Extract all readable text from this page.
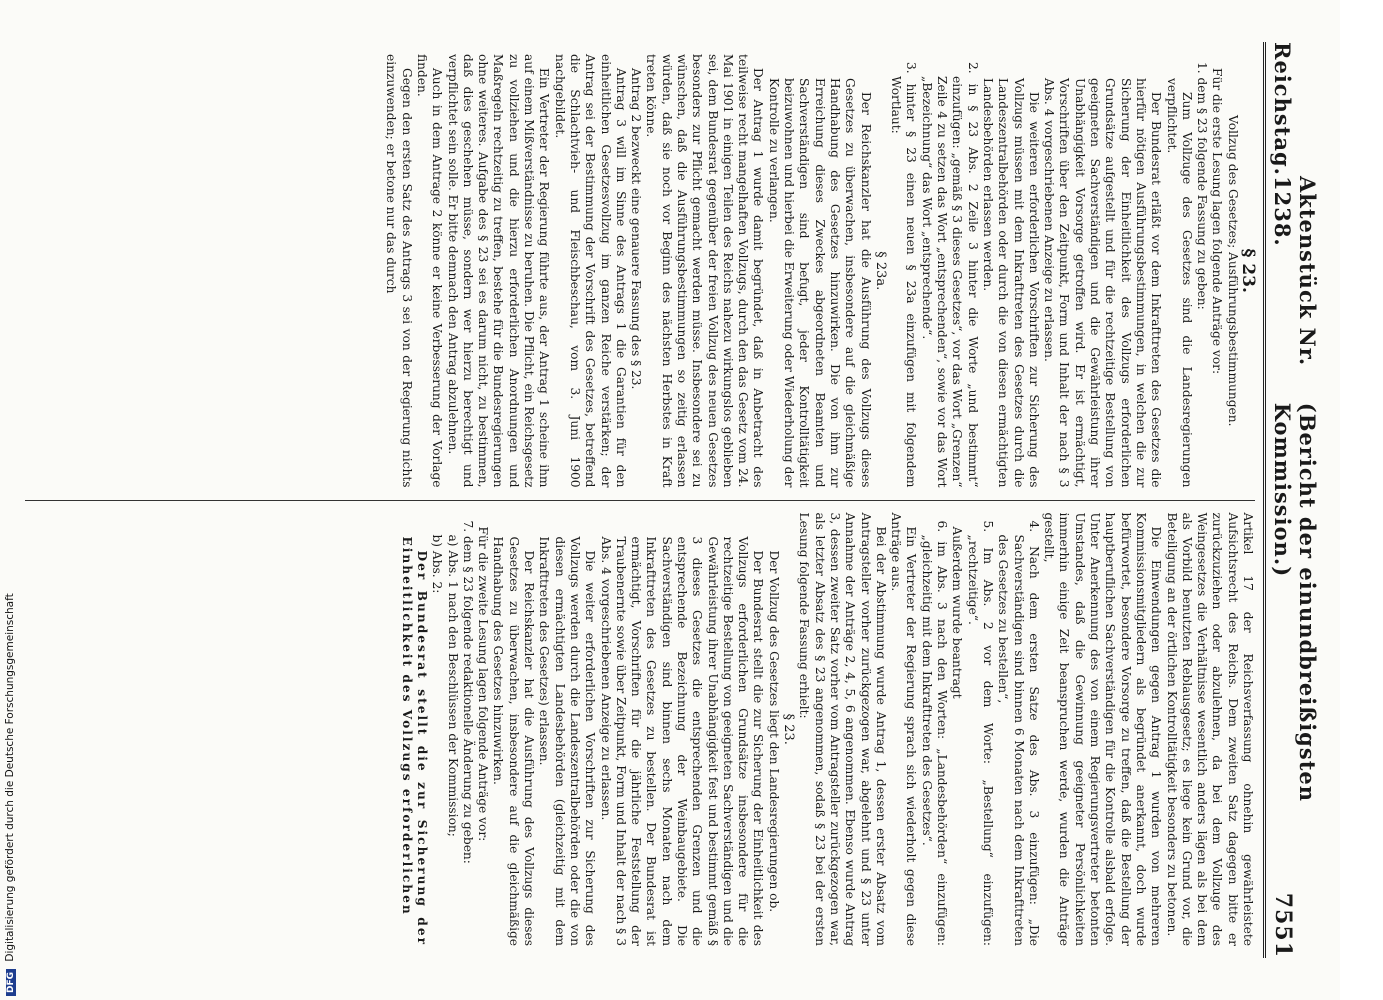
Reichstag.
Aktenstück Nr. 1238.
(Bericht der einundbreißigsten Kommission.)
7551

§ 23.

Vollzug des Gesetzes; Ausführungsbestimmungen.

Für die erste Lesung lagen folgende Anträge vor:

1. dem § 23 folgende Fassung zu geben:

Zum Vollzuge des Gesetzes sind die Landesregierungen verpflichtet.

Der Bundesrat erläßt vor dem Inkrafttreten des Gesetzes die hierfür nötigen Ausführungsbestimmungen, in welchen die zur Sicherung der Einheitlichkeit des Vollzugs erforderlichen Grundsätze aufgestellt und für die rechtzeitige Bestellung von geeigneten Sachverständigen und die Gewährleistung ihrer Unabhängigkeit Vorsorge getroffen wird. Er ist ermächtigt, Vorschriften über den Zeitpunkt, Form und Inhalt der nach § 3 Abs. 4 vorgeschriebenen Anzeige zu erlassen.

Die weiteren erforderlichen Vorschriften zur Sicherung des Vollzugs müssen mit dem Inkrafttreten des Gesetzes durch die Landeszentralbehörden oder durch die von diesen ermächtigten Landesbehörden erlassen werden.

2. in § 23 Abs. 2 Zeile 3 hinter die Worte „und bestimmt“ einzufügen: „gemäß § 3 dieses Gesetzes“, vor das Wort „Grenzen“ Zeile 4 zu setzen das Wort „entsprechenden“, sowie vor das Wort „Bezeichnung“ das Wort „entsprechende“.

3. hinter § 23 einen neuen § 23a einzufügen mit folgendem Wortlaut:

§ 23a.

Der Reichskanzler hat die Ausführung des Vollzugs dieses Gesetzes zu überwachen, insbesondere auf die gleichmäßige Handhabung des Gesetzes hinzuwirken. Die von ihm zur Erreichung dieses Zweckes abgeordneten Beamten und Sachverständigen sind befugt, jeder Kontrolltätigkeit beizuwohnen und hierbei die Erweiterung oder Wiederholung der Kontrolle zu verlangen.

Der Antrag 1 wurde damit begründet, daß in Anbetracht des teilweise recht mangelhaften Vollzugs, durch den das Gesetz vom 24. Mai 1901 in einigen Teilen des Reichs nahezu wirkungslos geblieben sei, dem Bundesrat gegenüber der freien Vollzug des neuen Gesetzes besonders zur Pflicht gemacht werden müsse. Insbesondere sei zu wünschen, daß die Ausführungsbestimmungen so zeitig erlassen würden, daß sie noch vor Beginn des nächsten Herbstes in Kraft treten könne.

Antrag 2 bezweckt eine genauere Fassung des § 23.

Antrag 3 will im Sinne des Antrags 1 die Garantien für den einheitlichen Gesetzesvollzug im ganzen Reiche verstärken; der Antrag sei der Bestimmung der Vorschrift des Gesetzes, betreffend die Schlachtvieh- und Fleischbeschau, vom 3. Juni 1900 nachgebildet.

Ein Vertreter der Regierung führte aus, der Antrag 1 scheine ihm auf einem Mißverständnisse zu beruhen. Die Pflicht, ein Reichsgesetz zu vollziehen und die hierzu erforderlichen Anordnungen und Maßregeln rechtzeitig zu treffen, bestehe für die Bundesregierungen ohne weiteres. Aufgabe des § 23 sei es darum nicht, zu bestimmen, daß dies geschehen müsse, sondern wer hierzu berechtigt und verpflichtet sein solle. Er bitte demnach den Antrag abzulehnen.

Auch in dem Antrage 2 könne er keine Verbesserung der Vorlage finden.

Gegen den ersten Satz des Antrags 3 sei von der Regierung nichts einzuwenden; er betone nur das durch

Artikel 17 der Reichsverfassung ohnehin gewährleistete Aufsichtsrecht des Reichs. Dem zweiten Satz dagegen bitte er zurückzuziehen oder abzulehnen, da bei dem Vollzuge des Weingesetzes die Verhältnisse wesentlich anders lägen als bei dem als Vorbild benutzten Reblausgesetz; es liege kein Grund vor, die Beteiligung an der örtlichen Kontrolltätigkeit besonders zu betonen.

Die Einwendungen gegen Antrag 1 wurden von mehreren Kommissionsmitgliedern als begründet anerkannt, doch wurde befürwortet, besondere Vorsorge zu treffen, daß die Bestellung der hauptberuflichen Sachverständigen für die Kontrolle alsbald erfolge. Unter Anerkennung des von einem Regierungsvertreter betonten Umstandes, daß die Gewinnung geeigneter Persönlichkeiten immerhin einige Zeit beanspruchen werde, wurden die Anträge gestellt,

4. Nach dem ersten Satze des Abs. 3 einzufügen: „Die Sachverständigen sind binnen 6 Monaten nach dem Inkrafttreten des Gesetzes zu bestellen“,

5. Im Abs. 2 vor dem Worte: „Bestellung“ einzufügen: „rechtzeitige“.

Außerdem wurde beantragt

6. im Abs. 3 nach den Worten: „Landesbehörden“ einzufügen: „gleichzeitig mit dem Inkrafttreten des Gesetzes“.

Ein Vertreter der Regierung sprach sich wiederholt gegen diese Anträge aus.

Bei der Abstimmung wurde Antrag 1, dessen erster Absatz vom Antragsteller vorher zurückgezogen war, abgelehnt und § 23 unter Annahme der Anträge 2, 4, 5, 6 angenommen. Ebenso wurde Antrag 3, dessen zweiter Satz vorher vom Antragsteller zurückgezogen war, als letzter Absatz des § 23 angenommen, sodaß § 23 bei der ersten Lesung folgende Fassung erhielt:

§ 23.

Der Vollzug des Gesetzes liegt den Landesregierungen ob.

Der Bundesrat stellt die zur Sicherung der Einheitlichkeit des Vollzugs erforderlichen Grundsätze insbesondere für die rechtzeitige Bestellung von geeigneten Sachverständigen und die Gewährleistung ihrer Unabhängigkeit fest und bestimmt gemäß § 3 dieses Gesetzes die entsprechenden Grenzen und die entsprechende Bezeichnung der Weinbaugebiete. Die Sachverständigen sind binnen sechs Monaten nach dem Inkrafttreten des Gesetzes zu bestellen. Der Bundesrat ist ermächtigt, Vorschriften für die jährliche Feststellung der Traubenernte sowie über Zeitpunkt, Form und Inhalt der nach § 3 Abs. 4 vorgeschriebenen Anzeige zu erlassen.

Die weiter erforderlichen Vorschriften zur Sicherung des Vollzugs werden durch die Landeszentralbehörden oder die von diesen ermächtigten Landesbehörden (gleichzeitig mit dem Inkrafttreten des Gesetzes) erlassen.

Der Reichskanzler hat die Ausführung des Vollzugs dieses Gesetzes zu überwachen, insbesondere auf die gleichmäßige Handhabung des Gesetzes hinzuwirken.

Für die zweite Lesung lagen folgende Anträge vor:

7. dem § 23 folgende redaktionelle Änderung zu geben:

a) Abs. 1 nach den Beschlüssen der Kommission;

b) Abs. 2:

Der Bundesrat stellt die zur Sicherung der Einheitlichkeit des Vollzugs erforderlichen

DFG Digitalisierung gefördert durch die Deutsche Forschungsgemeinschaft
